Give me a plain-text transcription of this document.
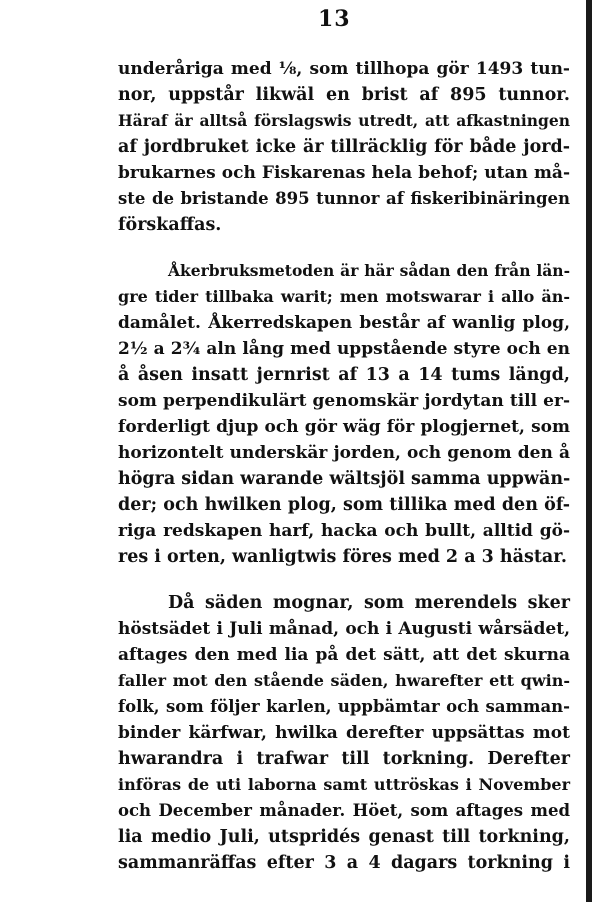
13
underåriga med ⅛, som tillhopa gör 1493 tun-
nor, uppstår likwäl en brist af 895 tunnor.
Häraf är alltså förslagswis utredt, att afkastningen
af jordbruket icke är tillräcklig för både jord-
brukarnes och Fiskarenas hela behof; utan må-
ste de bristande 895 tunnor af fiskeribinäringen
förskaffas.
Åkerbruksmetoden är här sådan den från län-
gre tider tillbaka warit; men motswarar i allo än-
damålet. Åkerredskapen består af wanlig plog,
2½ a 2¾ aln lång med uppstående styre och en
å åsen insatt jernrist af 13 a 14 tums längd,
som perpendikulärt genomskär jordytan till er-
forderligt djup och gör wäg för plogjernet, som
horizontelt underskär jorden, och genom den å
högra sidan warande wältsjöl samma uppwän-
der; och hwilken plog, som tillika med den öf-
riga redskapen harf, hacka och bullt, alltid gö-
res i orten, wanligtwis föres med 2 a 3 hästar.
Då säden mognar, som merendels sker
höstsädet i Juli månad, och i Augusti wårsädet,
aftages den med lia på det sätt, att det skurna
faller mot den stående säden, hwarefter ett qwin-
folk, som följer karlen, uppbämtar och samman-
binder kärfwar, hwilka derefter uppsättas mot
hwarandra i trafwar till torkning. Derefter
införas de uti laborna samt uttröskas i November
och December månader. Höet, som aftages med
lia medio Juli, utspridés genast till torkning,
sammanräffas efter 3 a 4 dagars torkning i
